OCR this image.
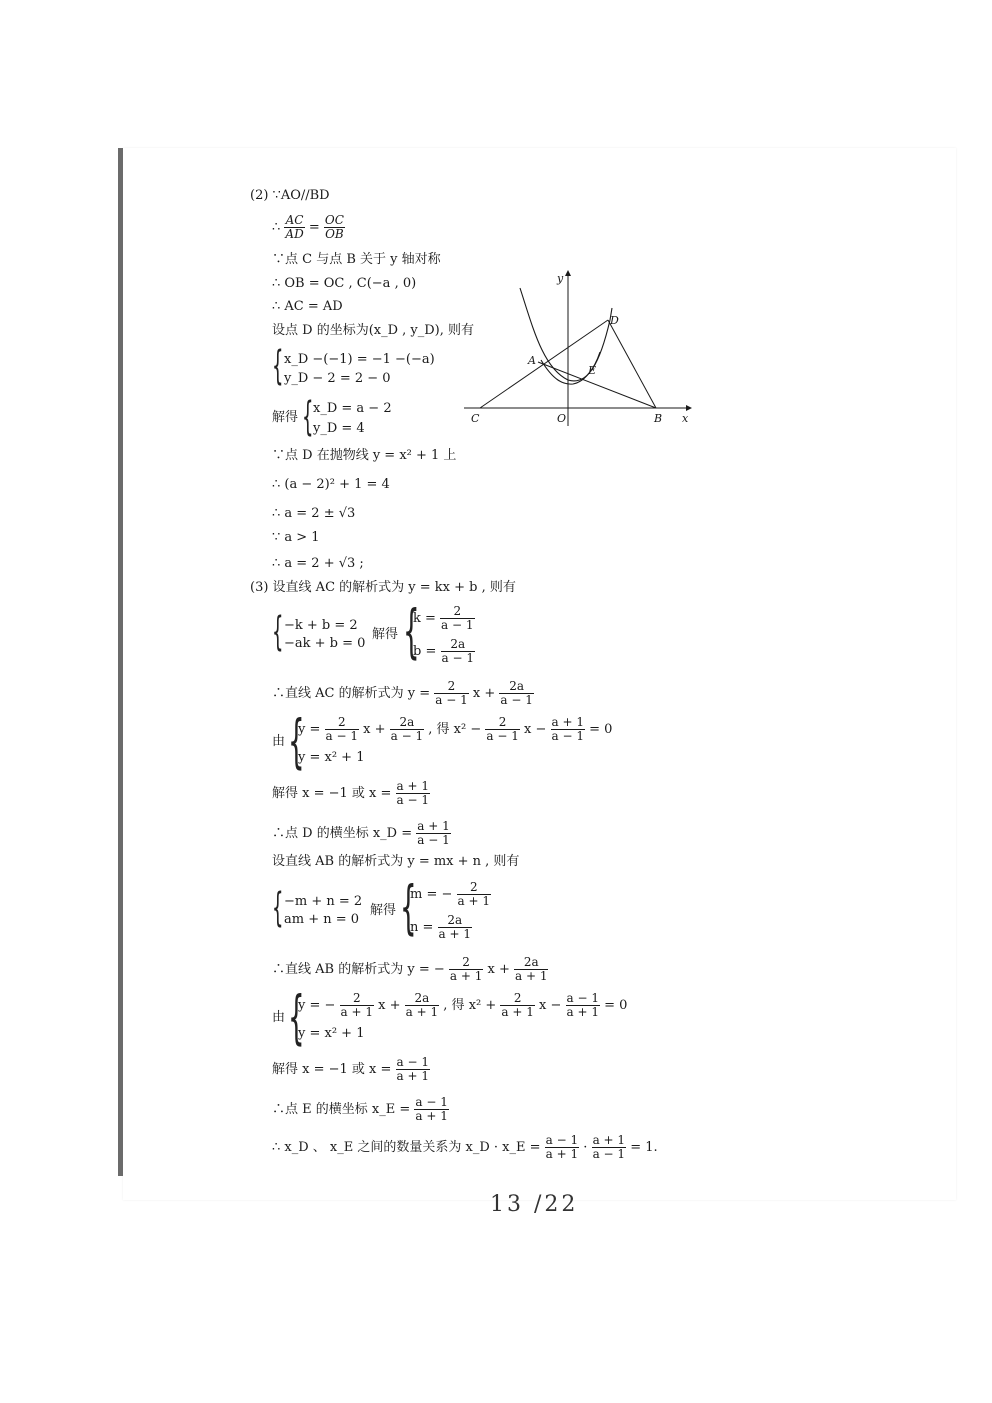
(2) ∵AO//BD
∴ $\frac{AC}{AD} = \frac{OC}{OB}$
∵点 C 与点 B 关于 y 轴对称
∴ OB = OC , C(−a , 0)
∴ AC = AD
设点 D 的坐标为(x_D , y_D), 则有
{ x_D −(−1) = −1 −(−a)
y_D − 2 = 2 − 0
解得 { x_D = a − 2
y_D = 4
∵点 D 在抛物线 y = x² + 1 上
∴ (a − 2)² + 1 = 4
∴ a = 2 ± √3
∵ a > 1
∴ a = 2 + √3 ;
y
x
A
B
C
D
E
O
(3) 设直线 AC 的解析式为 y = kx + b , 则有
{ −k + b = 2
−ak + b = 0
解得 {
$k = \frac{2}{a - 1}$
$b = \frac{2a}{a - 1}$
∴直线 AC 的解析式为 $y = \frac{2}{a - 1}$ $x + \frac{2a}{a - 1}$
由 {
$y = \frac{2}{a - 1}$ $x + \frac{2a}{a - 1}$ , 得 $x^2 - \frac{2}{a - 1}$ $x - \frac{a + 1}{a - 1} = 0$
y = x² + 1
解得 x = −1 或 $x = \frac{a + 1}{a - 1}$
∴点 D 的横坐标 x_D = $\frac{a + 1}{a - 1}$
设直线 AB 的解析式为 y = mx + n , 则有
{ −m + n = 2
am + n = 0
解得 {
m = − $\frac{2}{a + 1}$
$n = \frac{2a}{a + 1}$
∴直线 AB 的解析式为 y = − $\frac{2}{a + 1}$ $x + \frac{2a}{a + 1}$
由 {
y = − $\frac{2}{a + 1}$ $x + \frac{2a}{a + 1}$ , 得 $x^2 + \frac{2}{a + 1}$ $x - \frac{a - 1}{a + 1} = 0$
y = x² + 1
解得 x = −1 或 $x = \frac{a - 1}{a + 1}$
∴点 E 的横坐标 x_E = $\frac{a - 1}{a + 1}$
∴ x_D 、 x_E 之间的数量关系为 x_D · x_E = $\frac{a - 1}{a + 1} \cdot \frac{a + 1}{a - 1} = 1$.
13 /22
